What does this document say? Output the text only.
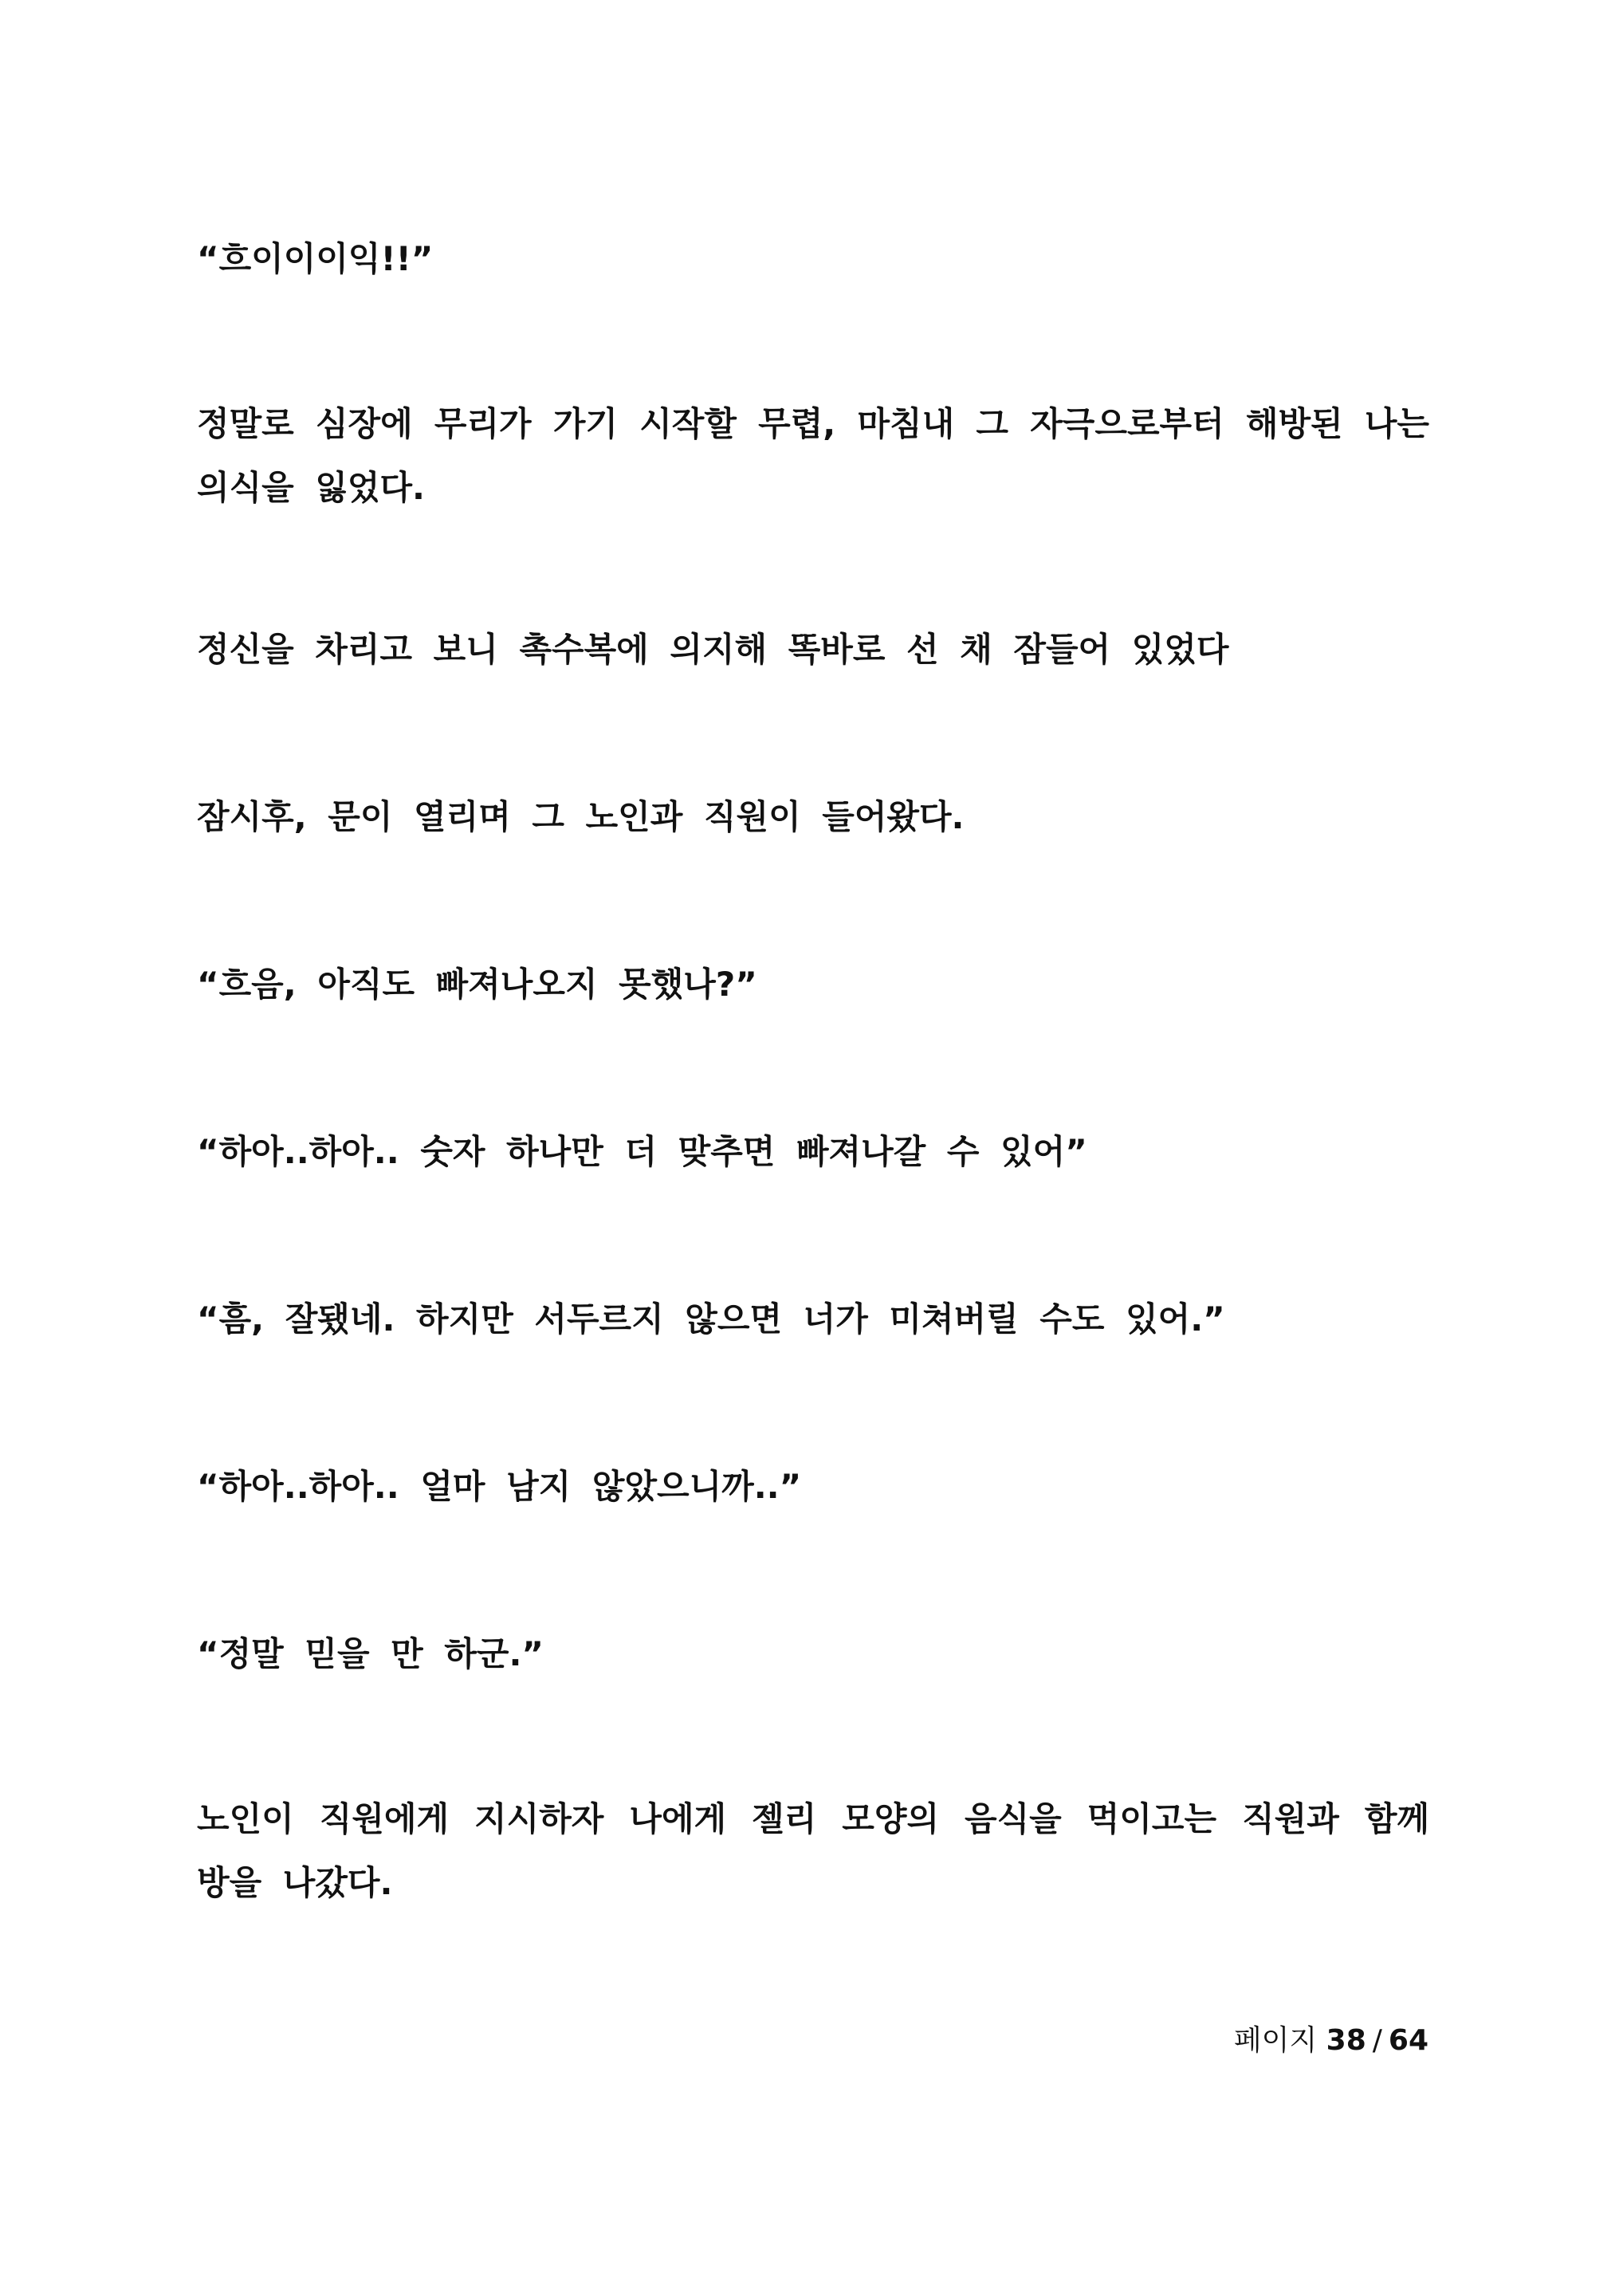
“흐이이이익!!”

정말로 심장에 무리가 가기 시작할 무렵, 마침내 그 자극으로부터 해방된 나는 의식을 잃었다.

정신을 차리고 보니 촉수복에 의지해 똑바로 선 채 잠들어 있었다

잠시후, 문이 열리며 그 노인과 직원이 들어왔다.

“흐음, 아직도 빠져나오지 못했나?”

“하아..하아.. 숫자 하나만 더 맞추면 빠져나갈 수 있어”

“흠, 잘됐네. 하지만 서두르지 않으면 너가 미쳐버릴 수도 있어.”

“하아..하아.. 얼마 남지 않았으니까..”

“정말 믿을 만 하군.”

노인이 직원에게 지시하자 나에게 젤리 모양의 음식을 먹이고는 직원과 함께 방을 나갔다.

페이지 38 / 64
